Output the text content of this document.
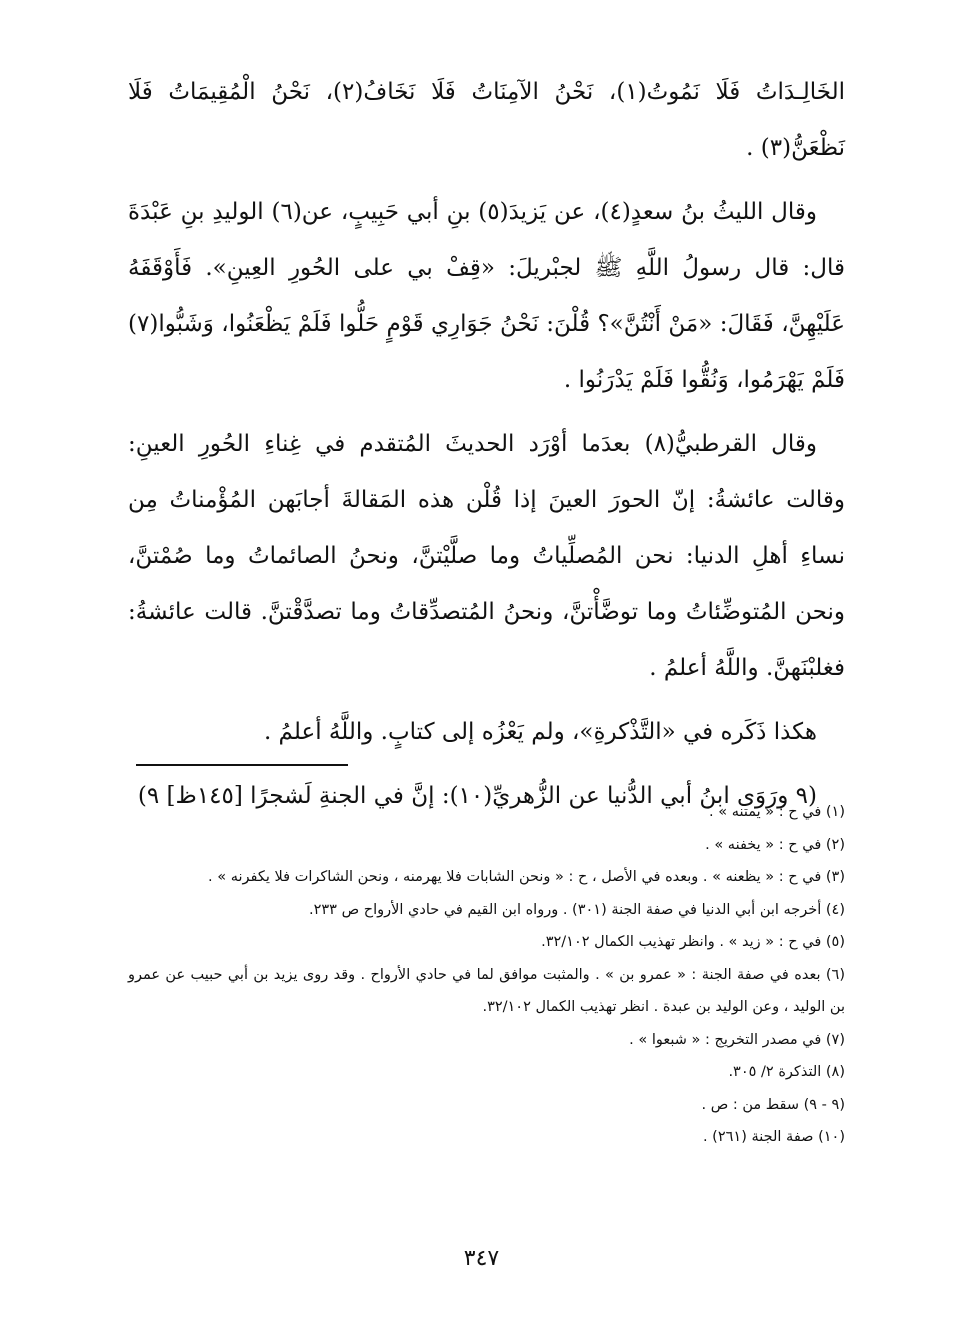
الخَالِـدَاتُ فَلَا نَمُوتُ(١)، نَحْنُ الآمِنَاتُ فَلَا نَخَافُ(٢)، نَحْنُ الْمُقِيمَاتُ فَلَا نَظْعَنُّ(٣) .

وقال الليثُ بنُ سعدٍ(٤)، عن يَزيدَ(٥) بنِ أبي حَبِيبٍ، عن(٦) الوليدِ بنِ عَبْدَةَ قال: قال رسولُ اللَّهِ ﷺ لجبْريلَ: «قِفْ بي على الحُورِ العِينِ». فَأَوْقَفَهُ عَلَيْهِنَّ، فَقَالَ: «مَنْ أَنْتُنَّ»؟ قُلْنَ: نَحْنُ جَوَارِي قَوْمٍ حَلُّوا فَلَمْ يَظْعَنُوا، وَشَبُّوا(٧) فَلَمْ يَهْرَمُوا، وَنُقُّوا فَلَمْ يَدْرَنُوا .

وقال القرطبيُّ(٨) بعدَما أوْرَد الحديثَ المُتقدم في غِناءِ الحُورِ العينِ: وقالت عائشةُ: إنّ الحورَ العينَ إذا قُلْن هذه المَقالةَ أجابَهن المُؤْمناتُ مِن نساءِ أهلِ الدنيا: نحن المُصلِّياتُ وما صلَّيْتنَّ، ونحنُ الصائماتُ وما صُمْتنَّ، ونحن المُتوضِّئاتُ وما توضَّأْتنَّ، ونحنُ المُتصدِّقاتُ وما تصدَّقْتنَّ. قالت عائشةُ: فغلبْنَهنَّ. واللَّهُ أعلمُ .

هكذا ذَكَره في «التَّذْكرةِ»، ولم يَعْزُه إلى كتابٍ. واللَّهُ أعلمُ .

(٩ ورَوَى ابنُ أبي الدُّنيا عن الزُّهريِّ(١٠): إنَّ في الجنةِ لَشجرًا [١٤٥ظ] ٩)

(١) في ح : « يمتنه » .

(٢) في ح : « يخفنه » .

(٣) في ح : « يظعنه » . وبعده في الأصل ، ح : « ونحن الشابات فلا يهرمنه ، ونحن الشاكرات فلا يكفرنه » .

(٤) أخرجه ابن أبي الدنيا في صفة الجنة (٣٠١) . ورواه ابن القيم في حادي الأرواح ص ٢٣٣.

(٥) في ح : « زيد » . وانظر تهذيب الكمال ٣٢/١٠٢.

(٦) بعده في صفة الجنة : « عمرو بن » . والمثبت موافق لما في حادي الأرواح . وقد روى يزيد بن أبي حبيب عن عمرو بن الوليد ، وعن الوليد بن عبدة . انظر تهذيب الكمال ٣٢/١٠٢.

(٧) في مصدر التخريج : « شبعوا » .

(٨) التذكرة ٢/ ٣٠٥.

(٩ - ٩) سقط من : ص .

(١٠) صفة الجنة (٢٦١) .

٣٤٧
